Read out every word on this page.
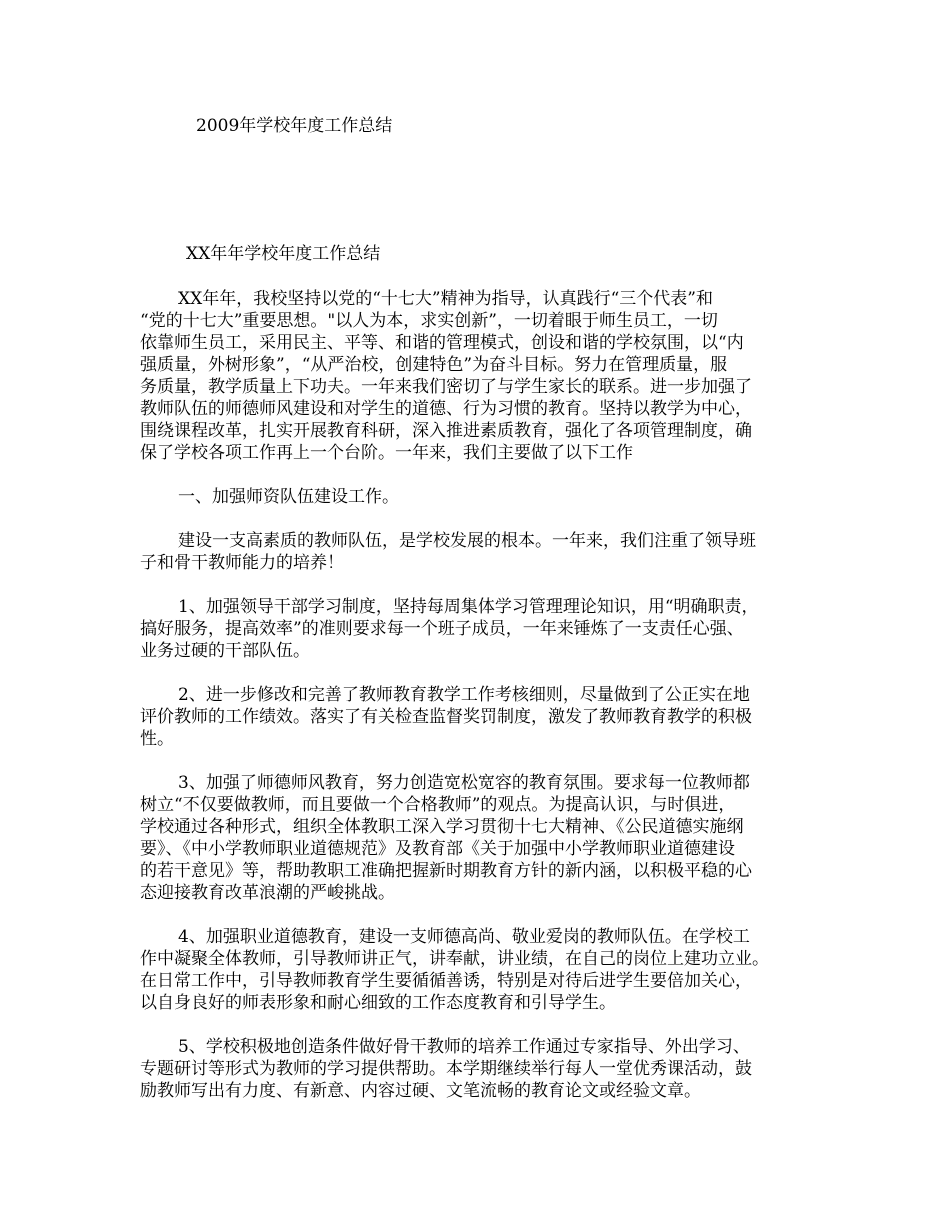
2009年学校年度工作总结
XX年年学校年度工作总结

XX年年，我校坚持以党的“十七大”精神为指导，认真践行“三个代表”和
“党的十七大”重要思想。"以人为本，求实创新”，一切着眼于师生员工，一切
依靠师生员工，采用民主、平等、和谐的管理模式，创设和谐的学校氛围，以“内
强质量，外树形象”，“从严治校，创建特色”为奋斗目标。努力在管理质量，服
务质量，教学质量上下功夫。一年来我们密切了与学生家长的联系。进一步加强了
教师队伍的师德师风建设和对学生的道德、行为习惯的教育。坚持以教学为中心，
围绕课程改革，扎实开展教育科研，深入推进素质教育，强化了各项管理制度，确
保了学校各项工作再上一个台阶。一年来，我们主要做了以下工作

一、加强师资队伍建设工作。

建设一支高素质的教师队伍，是学校发展的根本。一年来，我们注重了领导班
子和骨干教师能力的培养！

1、加强领导干部学习制度，坚持每周集体学习管理理论知识，用“明确职责，
搞好服务，提高效率”的准则要求每一个班子成员，一年来锤炼了一支责任心强、
业务过硬的干部队伍。

2、进一步修改和完善了教师教育教学工作考核细则，尽量做到了公正实在地
评价教师的工作绩效。落实了有关检查监督奖罚制度，激发了教师教育教学的积极
性。

3、加强了师德师风教育，努力创造宽松宽容的教育氛围。要求每一位教师都
树立“不仅要做教师，而且要做一个合格教师”的观点。为提高认识，与时俱进，
学校通过各种形式，组织全体教职工深入学习贯彻十七大精神、《公民道德实施纲
要》、《中小学教师职业道德规范》及教育部《关于加强中小学教师职业道德建设
的若干意见》等，帮助教职工准确把握新时期教育方针的新内涵，以积极平稳的心
态迎接教育改革浪潮的严峻挑战。

4、加强职业道德教育，建设一支师德高尚、敬业爱岗的教师队伍。在学校工
作中凝聚全体教师，引导教师讲正气，讲奉献，讲业绩，在自己的岗位上建功立业。
在日常工作中，引导教师教育学生要循循善诱，特别是对待后进学生要倍加关心，
以自身良好的师表形象和耐心细致的工作态度教育和引导学生。

5、学校积极地创造条件做好骨干教师的培养工作通过专家指导、外出学习、
专题研讨等形式为教师的学习提供帮助。本学期继续举行每人一堂优秀课活动，鼓
励教师写出有力度、有新意、内容过硬、文笔流畅的教育论文或经验文章。
